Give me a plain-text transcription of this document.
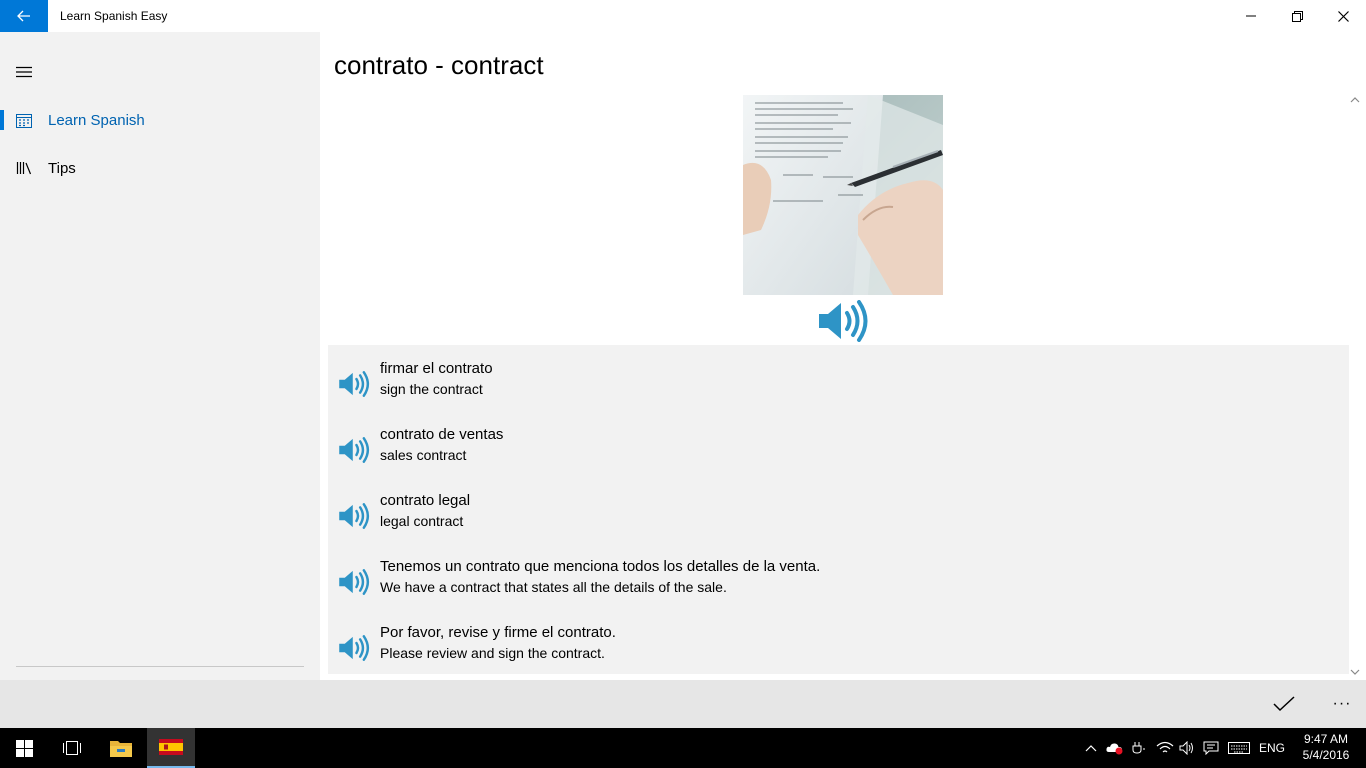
Learn Spanish Easy
Learn Spanish
Tips
contrato - contract
firmar el contrato
sign the contract
contrato de ventas
sales contract
contrato legal
legal contract
Tenemos un contrato que menciona todos los detalles de la venta.
We have a contract that states all the details of the sale.
Por favor, revise y firme el contrato.
Please review and sign the contract.
···
ENG
9:47 AM
5/4/2016
